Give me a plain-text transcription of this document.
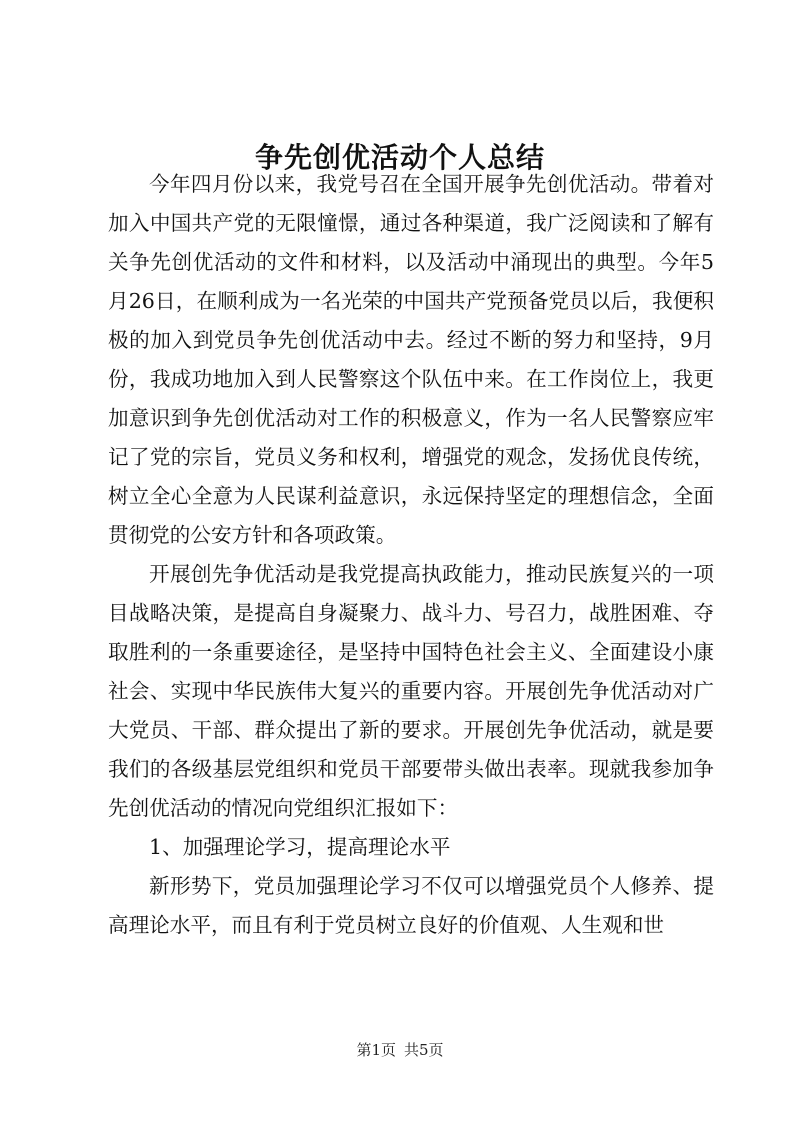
争先创优活动个人总结

今年四月份以来，我党号召在全国开展争先创优活动。带着对加入中国共产党的无限憧憬，通过各种渠道，我广泛阅读和了解有关争先创优活动的文件和材料，以及活动中涌现出的典型。今年5月26日，在顺利成为一名光荣的中国共产党预备党员以后，我便积极的加入到党员争先创优活动中去。经过不断的努力和坚持，9月份，我成功地加入到人民警察这个队伍中来。在工作岗位上，我更加意识到争先创优活动对工作的积极意义，作为一名人民警察应牢记了党的宗旨，党员义务和权利，增强党的观念，发扬优良传统，树立全心全意为人民谋利益意识，永远保持坚定的理想信念，全面贯彻党的公安方针和各项政策。

开展创先争优活动是我党提高执政能力，推动民族复兴的一项目战略决策，是提高自身凝聚力、战斗力、号召力，战胜困难、夺取胜利的一条重要途径，是坚持中国特色社会主义、全面建设小康社会、实现中华民族伟大复兴的重要内容。开展创先争优活动对广大党员、干部、群众提出了新的要求。开展创先争优活动，就是要我们的各级基层党组织和党员干部要带头做出表率。现就我参加争先创优活动的情况向党组织汇报如下：

1、加强理论学习，提高理论水平

新形势下，党员加强理论学习不仅可以增强党员个人修养、提高理论水平，而且有利于党员树立良好的价值观、人生观和世

第1页 共5页
